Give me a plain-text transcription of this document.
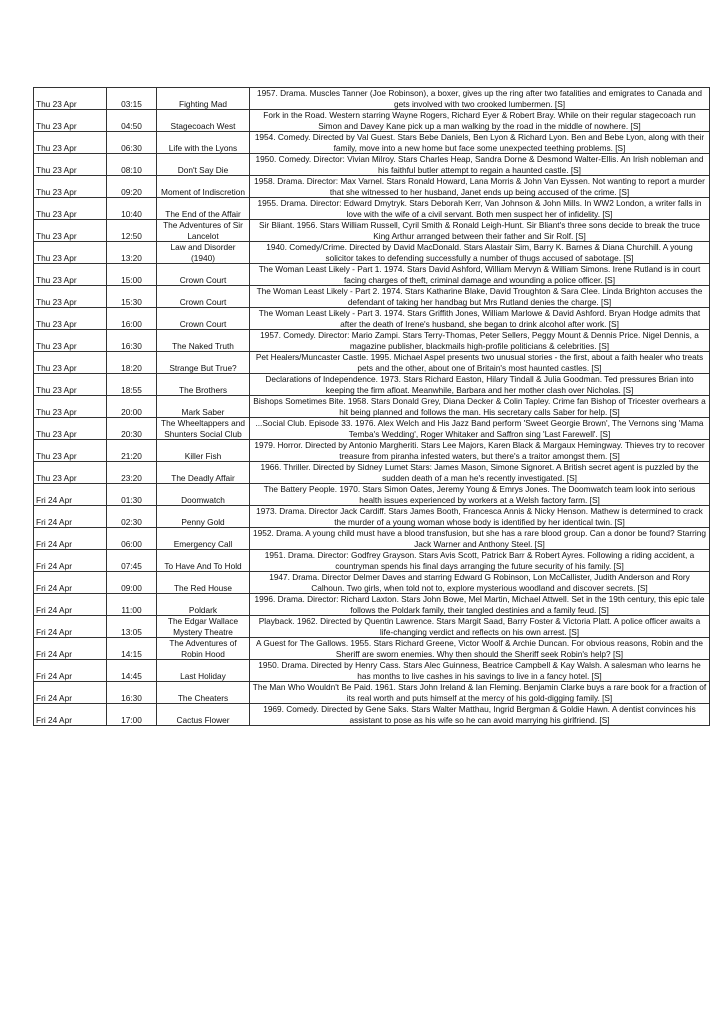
Thu 23 Apr	03:15	Fighting Mad	1957. Drama. Muscles Tanner (Joe Robinson), a boxer, gives up the ring after two fatalities and emigrates to Canada and gets involved with two crooked lumbermen. [S]
Thu 23 Apr	04:50	Stagecoach West	Fork in the Road. Western starring Wayne Rogers, Richard Eyer & Robert Bray. While on their regular stagecoach run Simon and Davey Kane pick up a man walking by the road in the middle of nowhere. [S]
Thu 23 Apr	06:30	Life with the Lyons	1954. Comedy. Directed by Val Guest. Stars Bebe Daniels, Ben Lyon & Richard Lyon. Ben and Bebe Lyon, along with their family, move into a new home but face some unexpected teething problems. [S]
Thu 23 Apr	08:10	Don't Say Die	1950. Comedy. Director: Vivian Milroy. Stars Charles Heap, Sandra Dorne & Desmond Walter-Ellis. An Irish nobleman and his faithful butler attempt to regain a haunted castle. [S]
Thu 23 Apr	09:20	Moment of Indiscretion	1958. Drama. Director: Max Varnel. Stars Ronald Howard, Lana Morris & John Van Eyssen. Not wanting to report a murder that she witnessed to her husband, Janet ends up being accused of the crime. [S]
Thu 23 Apr	10:40	The End of the Affair	1955. Drama. Director: Edward Dmytryk. Stars Deborah Kerr, Van Johnson & John Mills. In WW2 London, a writer falls in love with the wife of a civil servant. Both men suspect her of infidelity. [S]
Thu 23 Apr	12:50	The Adventures of Sir Lancelot	Sir Bliant. 1956. Stars William Russell, Cyril Smith & Ronald Leigh-Hunt. Sir Bliant's three sons decide to break the truce King Arthur arranged between their father and Sir Rolf. [S]
Thu 23 Apr	13:20	Law and Disorder (1940)	1940. Comedy/Crime. Directed by David MacDonald. Stars Alastair Sim, Barry K. Barnes & Diana Churchill. A young solicitor takes to defending successfully a number of thugs accused of sabotage. [S]
Thu 23 Apr	15:00	Crown Court	The Woman Least Likely - Part 1. 1974. Stars David Ashford, William Mervyn & William Simons. Irene Rutland is in court facing charges of theft, criminal damage and wounding a police officer. [S]
Thu 23 Apr	15:30	Crown Court	The Woman Least Likely - Part 2. 1974. Stars Katharine Blake, David Troughton & Sara Clee. Linda Brighton accuses the defendant of taking her handbag but Mrs Rutland denies the charge. [S]
Thu 23 Apr	16:00	Crown Court	The Woman Least Likely - Part 3. 1974. Stars Griffith Jones, William Marlowe & David Ashford. Bryan Hodge admits that after the death of Irene's husband, she began to drink alcohol after work. [S]
Thu 23 Apr	16:30	The Naked Truth	1957. Comedy. Director: Mario Zampi. Stars Terry-Thomas, Peter Sellers, Peggy Mount & Dennis Price. Nigel Dennis, a magazine publisher, blackmails high-profile politicians & celebrities. [S]
Thu 23 Apr	18:20	Strange But True?	Pet Healers/Muncaster Castle. 1995. Michael Aspel presents two unusual stories - the first, about a faith healer who treats pets and the other, about one of Britain's most haunted castles. [S]
Thu 23 Apr	18:55	The Brothers	Declarations of Independence. 1973. Stars Richard Easton, Hilary Tindall & Julia Goodman. Ted pressures Brian into keeping the firm afloat. Meanwhile, Barbara and her mother clash over Nicholas. [S]
Thu 23 Apr	20:00	Mark Saber	Bishops Sometimes Bite. 1958. Stars Donald Grey, Diana Decker & Colin Tapley. Crime fan Bishop of Tricester overhears a hit being planned and follows the man. His secretary calls Saber for help. [S]
Thu 23 Apr	20:30	The Wheeltappers and Shunters Social Club	...Social Club. Episode 33. 1976. Alex Welch and His Jazz Band perform 'Sweet Georgie Brown', The Vernons sing 'Mama Temba's Wedding', Roger Whitaker and Saffron sing 'Last Farewell'. [S]
Thu 23 Apr	21:20	Killer Fish	1979. Horror. Directed by Antonio Margheriti. Stars Lee Majors, Karen Black & Margaux Hemingway. Thieves try to recover treasure from piranha infested waters, but there's a traitor amongst them. [S]
Thu 23 Apr	23:20	The Deadly Affair	1966. Thriller. Directed by Sidney Lumet Stars: James Mason, Simone Signoret. A British secret agent is puzzled by the sudden death of a man he's recently investigated. [S]
Fri 24 Apr	01:30	Doomwatch	The Battery People. 1970. Stars Simon Oates, Jeremy Young & Emrys Jones. The Doomwatch team look into serious health issues experienced by workers at a Welsh factory farm. [S]
Fri 24 Apr	02:30	Penny Gold	1973. Drama. Director Jack Cardiff. Stars James Booth, Francesca Annis & Nicky Henson. Mathew is determined to crack the murder of a young woman whose body is identified by her identical twin. [S]
Fri 24 Apr	06:00	Emergency Call	1952. Drama. A young child must have a blood transfusion, but she has a rare blood group. Can a donor be found? Starring Jack Warner and Anthony Steel. [S]
Fri 24 Apr	07:45	To Have And To Hold	1951. Drama. Director: Godfrey Grayson. Stars Avis Scott, Patrick Barr & Robert Ayres. Following a riding accident, a countryman spends his final days arranging the future security of his family. [S]
Fri 24 Apr	09:00	The Red House	1947. Drama. Director Delmer Daves and starring Edward G Robinson, Lon McCallister, Judith Anderson and Rory Calhoun. Two girls, when told not to, explore mysterious woodland and discover secrets. [S]
Fri 24 Apr	11:00	Poldark	1996. Drama. Director: Richard Laxton. Stars John Bowe, Mel Martin, Michael Attwell. Set in the 19th century, this epic tale follows the Poldark family, their tangled destinies and a family feud. [S]
Fri 24 Apr	13:05	The Edgar Wallace Mystery Theatre	Playback. 1962. Directed by Quentin Lawrence. Stars Margit Saad, Barry Foster & Victoria Platt. A police officer awaits a life-changing verdict and reflects on his own arrest. [S]
Fri 24 Apr	14:15	The Adventures of Robin Hood	A Guest for The Gallows. 1955. Stars Richard Greene, Victor Woolf & Archie Duncan. For obvious reasons, Robin and the Sheriff are sworn enemies. Why then should the Sheriff seek Robin's help? [S]
Fri 24 Apr	14:45	Last Holiday	1950. Drama. Directed by Henry Cass. Stars Alec Guinness, Beatrice Campbell & Kay Walsh. A salesman who learns he has months to live cashes in his savings to live in a fancy hotel. [S]
Fri 24 Apr	16:30	The Cheaters	The Man Who Wouldn't Be Paid. 1961. Stars John Ireland & Ian Fleming. Benjamin Clarke buys a rare book for a fraction of its real worth and puts himself at the mercy of his gold-digging family. [S]
Fri 24 Apr	17:00	Cactus Flower	1969. Comedy. Directed by Gene Saks. Stars Walter Matthau, Ingrid Bergman & Goldie Hawn. A dentist convinces his assistant to pose as his wife so he can avoid marrying his girlfriend. [S]
